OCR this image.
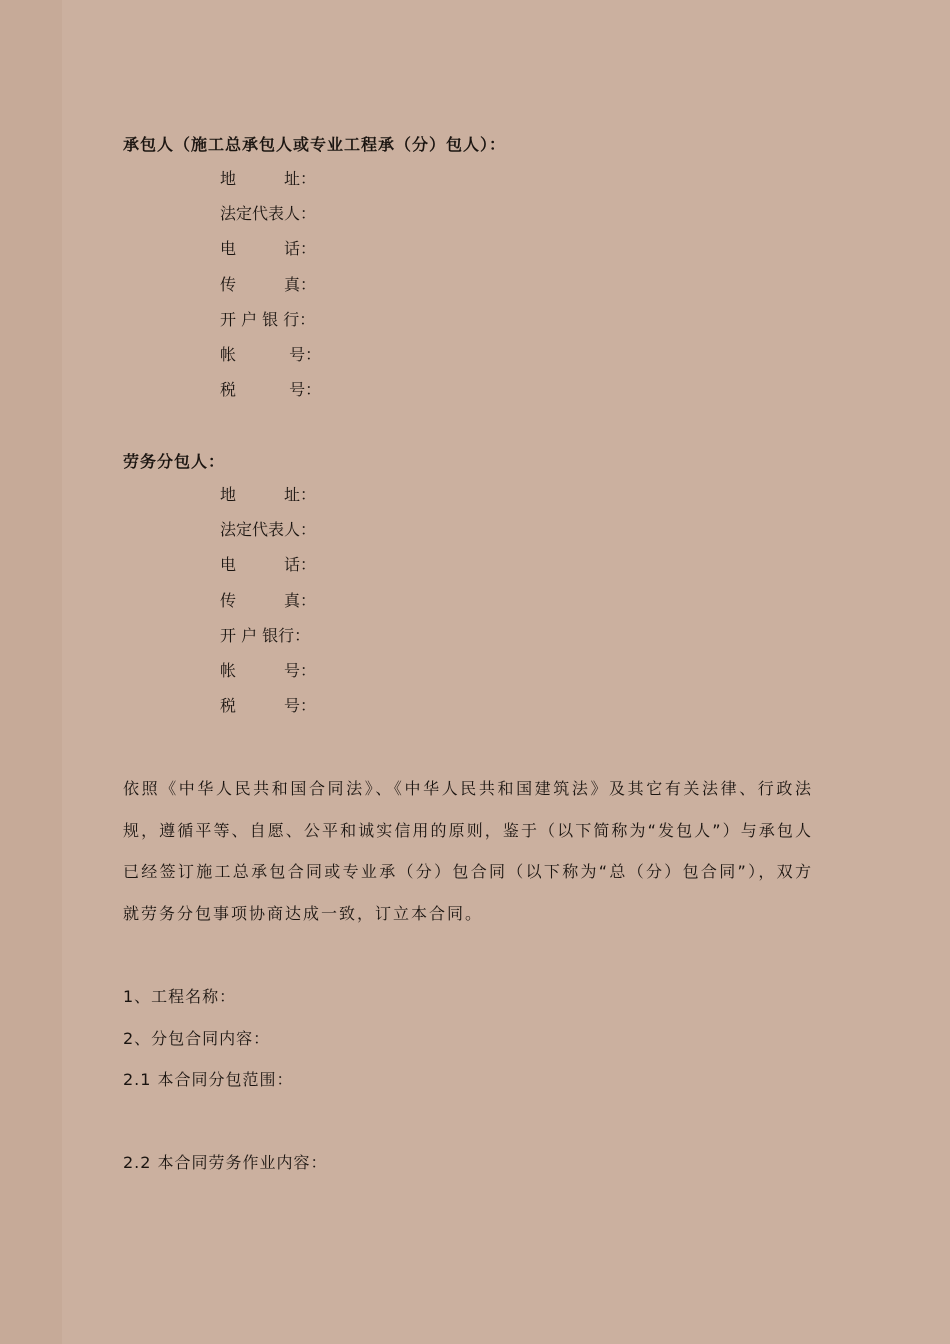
承包人（施工总承包人或专业工程承（分）包人）：
地　　　址：
法定代表人：
电　　　话：
传　　　真：
开 户 银 行：
帐　　　 号：
税　　　 号：
劳务分包人：
地　　　址：
法定代表人：
电　　　话：
传　　　真：
开 户 银行：
帐　　　号：
税　　　号：
依照《中华人民共和国合同法》、《中华人民共和国建筑法》及其它有关法律、行政法规，遵循平等、自愿、公平和诚实信用的原则，鉴于（以下简称为“发包人”）与承包人已经签订施工总承包合同或专业承（分）包合同（以下称为“总（分）包合同”），双方就劳务分包事项协商达成一致，订立本合同。
1、工程名称：
2、分包合同内容：
2.1 本合同分包范围：
2.2 本合同劳务作业内容：
